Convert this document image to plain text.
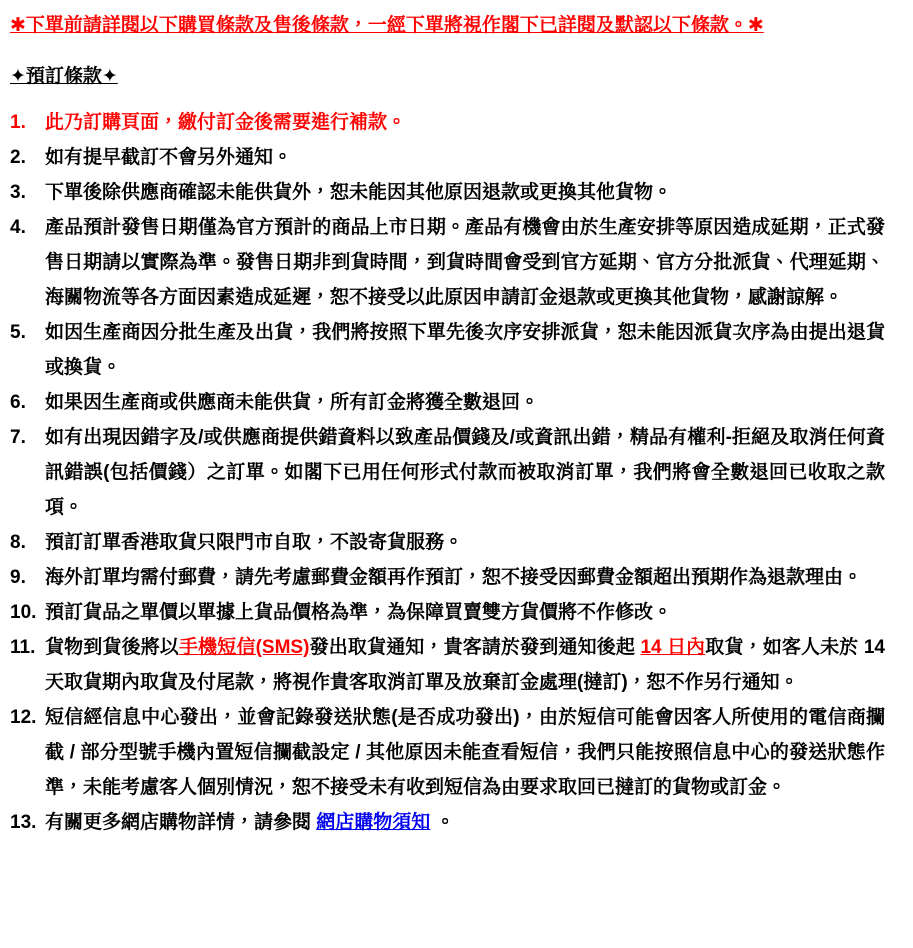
✱下單前請詳閱以下購買條款及售後條款，一經下單將視作閣下已詳閱及默認以下條款。✱
✦預訂條款✦
1.	此乃訂購頁面，繳付訂金後需要進行補款。
2.	如有提早截訂不會另外通知。
3.	下單後除供應商確認未能供貨外，恕未能因其他原因退款或更換其他貨物。
4.	產品預計發售日期僅為官方預計的商品上市日期。產品有機會由於生產安排等原因造成延期，正式發售日期請以實際為準。發售日期非到貨時間，到貨時間會受到官方延期、官方分批派貨、代理延期、海關物流等各方面因素造成延遲，恕不接受以此原因申請訂金退款或更換其他貨物，感謝諒解。
5.	如因生產商因分批生產及出貨，我們將按照下單先後次序安排派貨，恕未能因派貨次序為由提出退貨或換貨。
6.	如果因生產商或供應商未能供貨，所有訂金將獲全數退回。
7.	如有出現因錯字及/或供應商提供錯資料以致產品價錢及/或資訊出錯，精品有權利-拒絕及取消任何資訊錯誤(包括價錢）之訂單。如閣下已用任何形式付款而被取消訂單，我們將會全數退回已收取之款項。
8.	預訂訂單香港取貨只限門市自取，不設寄貨服務。
9.	海外訂單均需付郵費，請先考慮郵費金額再作預訂，恕不接受因郵費金額超出預期作為退款理由。
10. 預訂貨品之單價以單據上貨品價格為準，為保障買賣雙方貨價將不作修改。
11. 貨物到貨後將以手機短信(SMS)發出取貨通知，貴客請於發到通知後起 14 日內取貨，如客人未於 14 天取貨期內取貨及付尾款，將視作貴客取消訂單及放棄訂金處理(撻訂)，恕不作另行通知。
12. 短信經信息中心發出，並會記錄發送狀態(是否成功發出)，由於短信可能會因客人所使用的電信商攔截 / 部分型號手機內置短信攔截設定 / 其他原因未能查看短信，我們只能按照信息中心的發送狀態作準，未能考慮客人個別情況，恕不接受未有收到短信為由要求取回已撻訂的貨物或訂金。
13. 有關更多網店購物詳情，請參閱 網店購物須知 。
